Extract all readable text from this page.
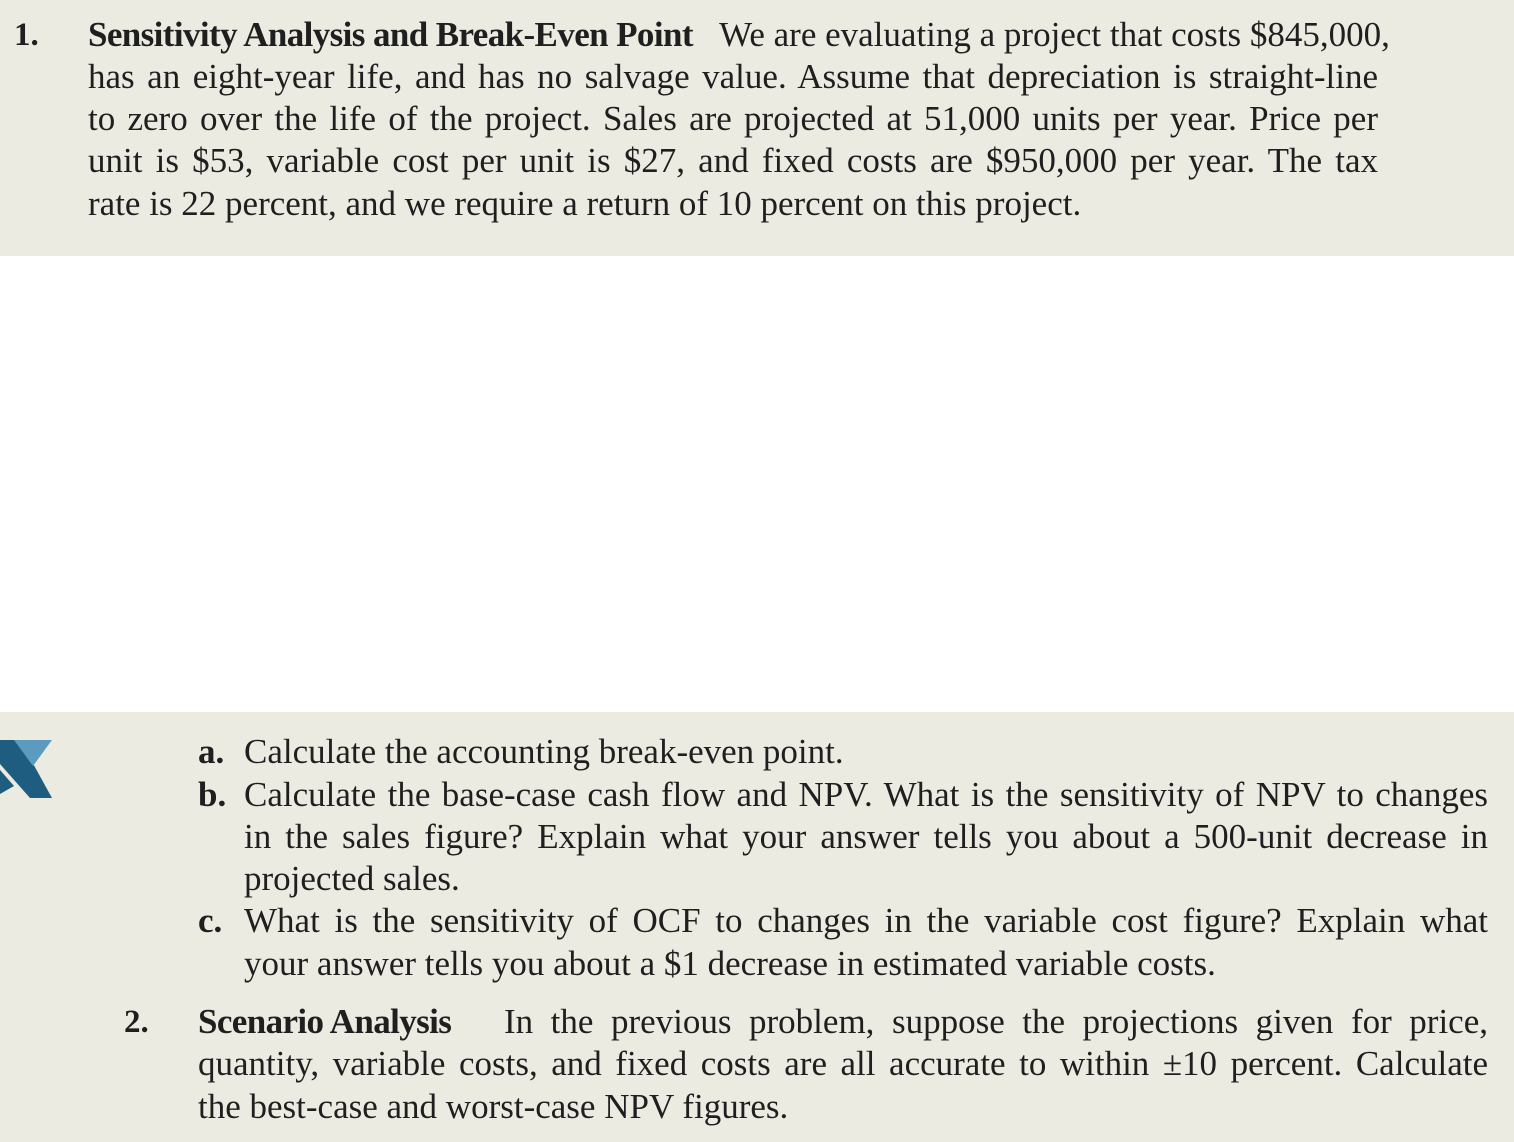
1. Sensitivity Analysis and Break-Even Point We are evaluating a project that costs $845,000,
has an eight-year life, and has no salvage value. Assume that depreciation is straight-line
to zero over the life of the project. Sales are projected at 51,000 units per year. Price per
unit is $53, variable cost per unit is $27, and fixed costs are $950,000 per year. The tax
rate is 22 percent, and we require a return of 10 percent on this project.
a. Calculate the accounting break-even point.
b. Calculate the base-case cash flow and NPV. What is the sensitivity of NPV to changes
in the sales figure? Explain what your answer tells you about a 500-unit decrease in
projected sales.
c. What is the sensitivity of OCF to changes in the variable cost figure? Explain what
your answer tells you about a $1 decrease in estimated variable costs.
2. Scenario Analysis In the previous problem, suppose the projections given for price,
quantity, variable costs, and fixed costs are all accurate to within ±10 percent. Calculate
the best-case and worst-case NPV figures.
